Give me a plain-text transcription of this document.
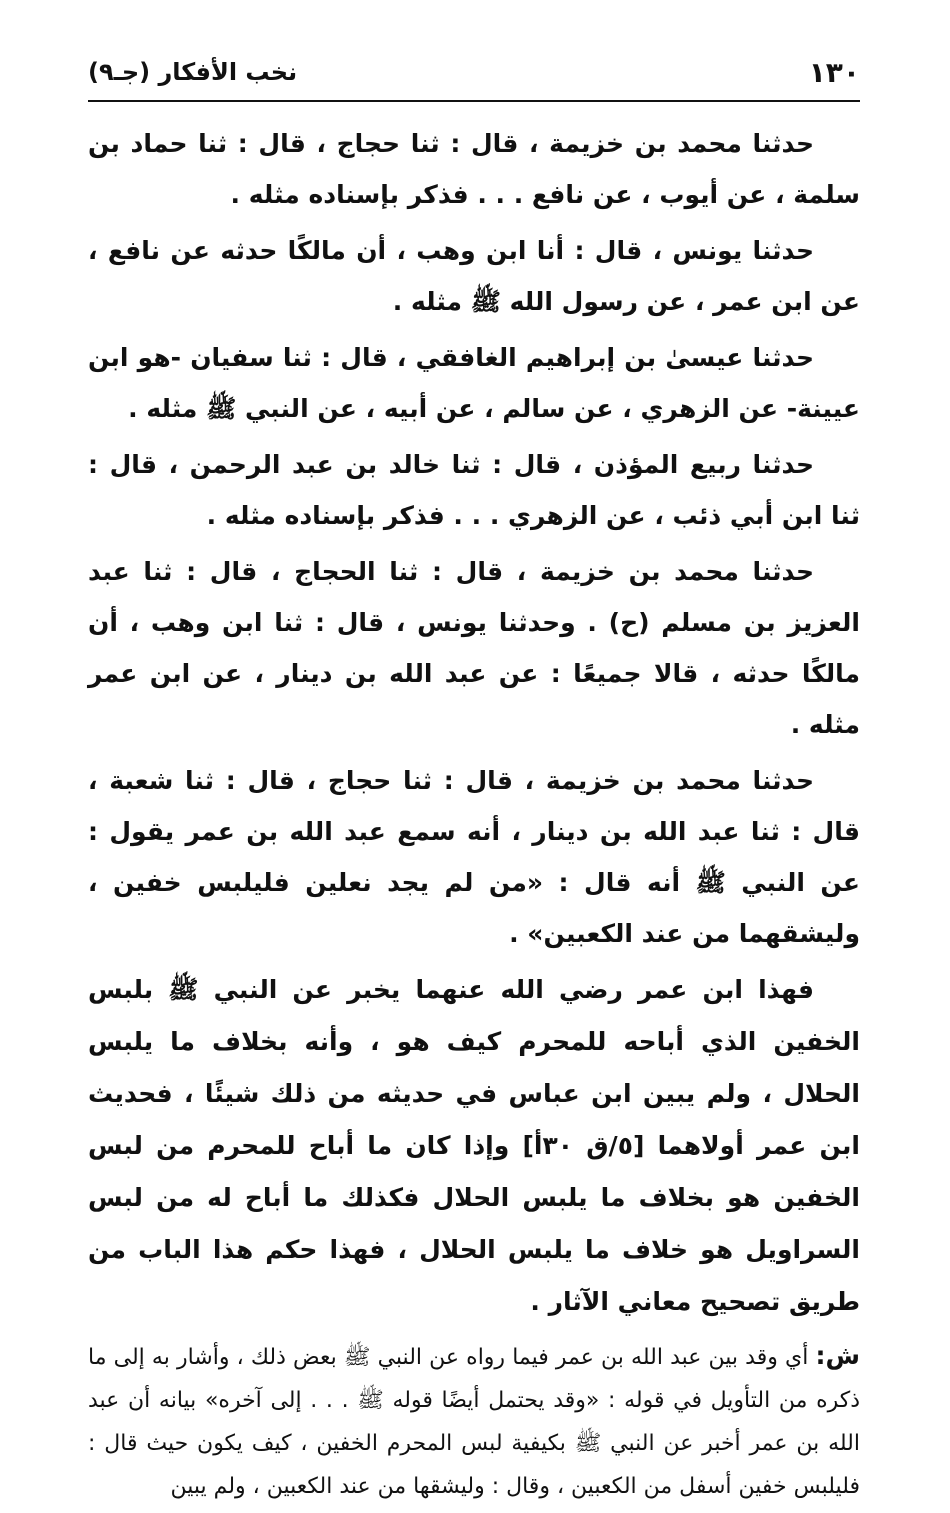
١٣٠
نخب الأفكار (جـ٩)

حدثنا محمد بن خزيمة ، قال : ثنا حجاج ، قال : ثنا حماد بن سلمة ، عن أيوب ، عن نافع . . . فذكر بإسناده مثله .

حدثنا يونس ، قال : أنا ابن وهب ، أن مالكًا حدثه عن نافع ، عن ابن عمر ، عن رسول الله ﷺ مثله .

حدثنا عيسىٰ بن إبراهيم الغافقي ، قال : ثنا سفيان -هو ابن عيينة- عن الزهري ، عن سالم ، عن أبيه ، عن النبي ﷺ مثله .

حدثنا ربيع المؤذن ، قال : ثنا خالد بن عبد الرحمن ، قال : ثنا ابن أبي ذئب ، عن الزهري . . . فذكر بإسناده مثله .

حدثنا محمد بن خزيمة ، قال : ثنا الحجاج ، قال : ثنا عبد العزيز بن مسلم (ح) . وحدثنا يونس ، قال : ثنا ابن وهب ، أن مالكًا حدثه ، قالا جميعًا : عن عبد الله بن دينار ، عن ابن عمر مثله .

حدثنا محمد بن خزيمة ، قال : ثنا حجاج ، قال : ثنا شعبة ، قال : ثنا عبد الله بن دينار ، أنه سمع عبد الله بن عمر يقول : عن النبي ﷺ أنه قال : «من لم يجد نعلين فليلبس خفين ، وليشقهما من عند الكعبين» .

فهذا ابن عمر رضي الله عنهما يخبر عن النبي ﷺ بلبس الخفين الذي أباحه للمحرم كيف هو ، وأنه بخلاف ما يلبس الحلال ، ولم يبين ابن عباس في حديثه من ذلك شيئًا ، فحديث ابن عمر أولاهما [٥/ق ٣٠أ] وإذا كان ما أباح للمحرم من لبس الخفين هو بخلاف ما يلبس الحلال فكذلك ما أباح له من لبس السراويل هو خلاف ما يلبس الحلال ، فهذا حكم هذا الباب من طريق تصحيح معاني الآثار .

ش: أي وقد بين عبد الله بن عمر فيما رواه عن النبي ﷺ بعض ذلك ، وأشار به إلى ما ذكره من التأويل في قوله : «وقد يحتمل أيضًا قوله ﷺ . . . إلى آخره» بيانه أن عبد الله بن عمر أخبر عن النبي ﷺ بكيفية لبس المحرم الخفين ، كيف يكون حيث قال : فليلبس خفين أسفل من الكعبين ، وقال : وليشقها من عند الكعبين ، ولم يبين
